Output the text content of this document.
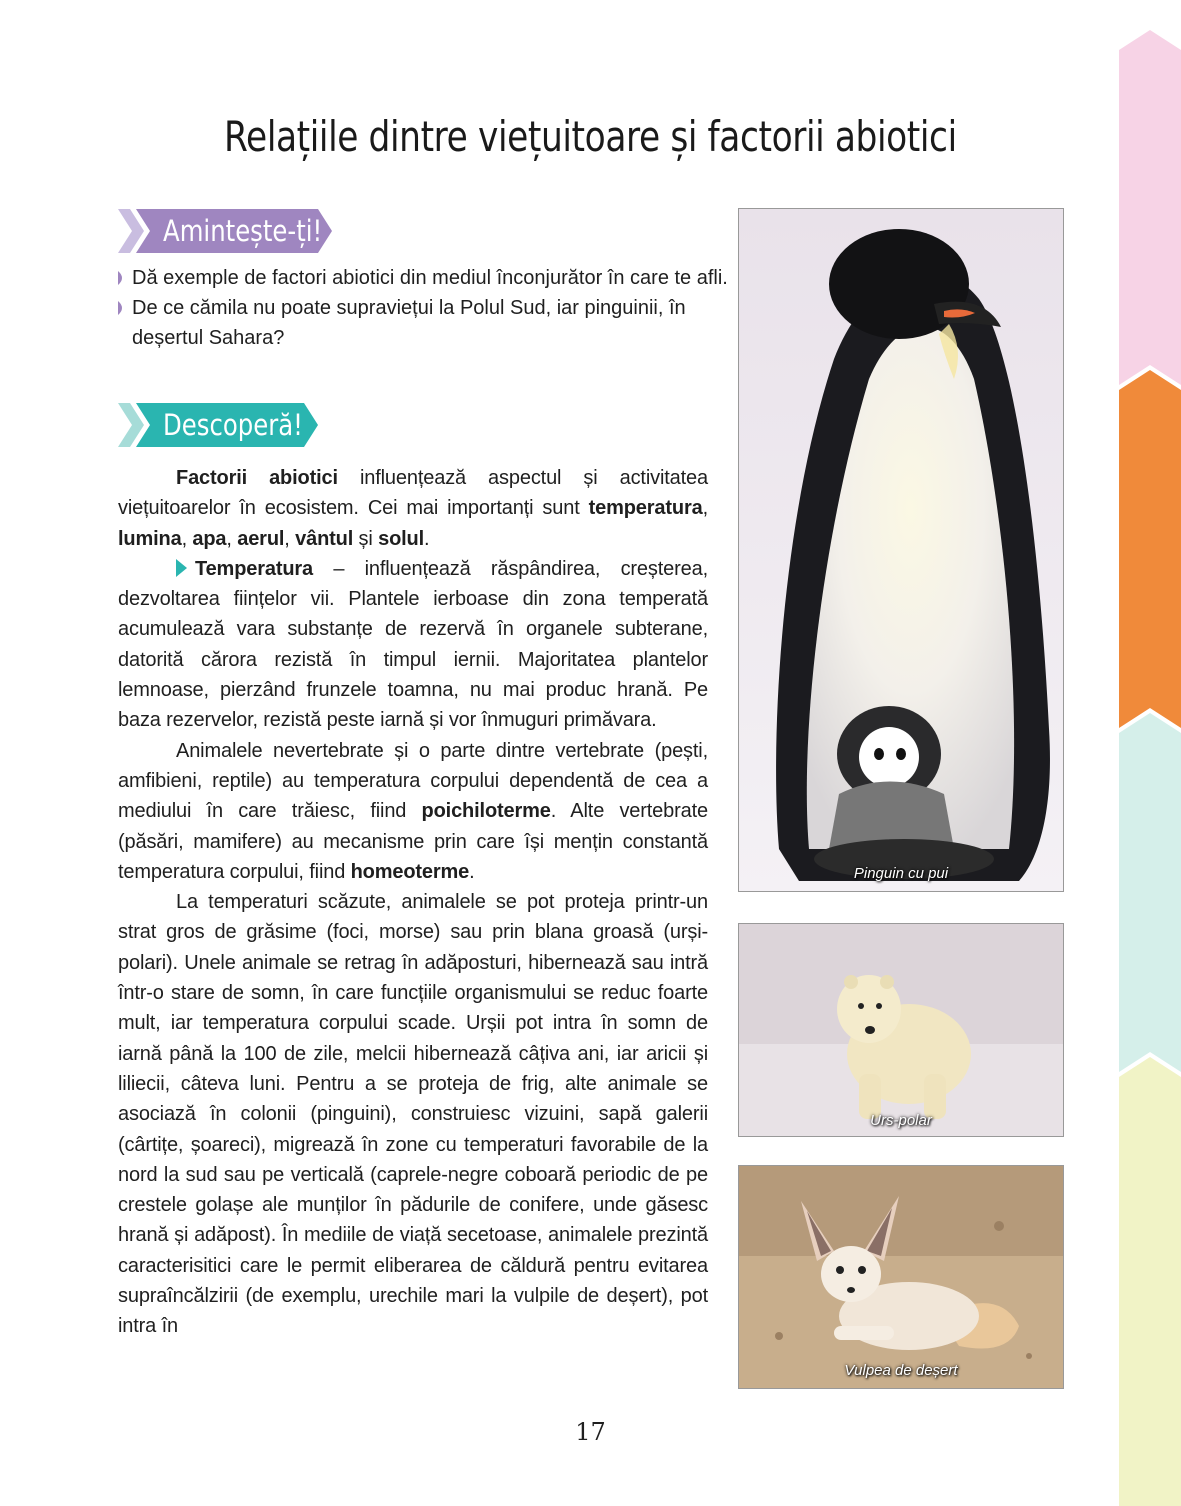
Relațiile dintre viețuitoare și factorii abiotici
Amintește-ți!
Dă exemple de factori abiotici din mediul înconjurător în care te afli.
De ce cămila nu poate supraviețui la Polul Sud, iar pinguinii, în deșertul Sahara?
Descoperă!

Factorii abiotici influențează aspectul și activitatea viețuitoarelor în ecosistem. Cei mai importanți sunt temperatura, lumina, apa, aerul, vântul și solul.

Temperatura – influențează răspândirea, creșterea, dezvoltarea ființelor vii. Plantele ierboase din zona temperată acumulează vara substanțe de rezervă în organele subterane, datorită cărora rezistă în timpul iernii. Majoritatea plantelor lemnoase, pierzând frunzele toamna, nu mai produc hrană. Pe baza rezervelor, rezistă peste iarnă și vor înmuguri primăvara.

Animalele nevertebrate și o parte dintre vertebrate (pești, amfibieni, reptile) au temperatura corpului dependentă de cea a mediului în care trăiesc, fiind poichiloterme. Alte vertebrate (păsări, mamifere) au mecanisme prin care își mențin constantă temperatura corpului, fiind homeoterme.

La temperaturi scăzute, animalele se pot proteja printr-un strat gros de grăsime (foci, morse) sau prin blana groasă (urși-polari). Unele animale se retrag în adăposturi, hibernează sau intră într-o stare de somn, în care funcțiile organismului se reduc foarte mult, iar temperatura corpului scade. Urșii pot intra în somn de iarnă până la 100 de zile, melcii hibernează câțiva ani, iar aricii și liliecii, câteva luni. Pentru a se proteja de frig, alte animale se asociază în colonii (pinguini), construiesc vizuini, sapă galerii (cârtițe, șoareci), migrează în zone cu temperaturi favorabile de la nord la sud sau pe verticală (caprele-negre coboară periodic de pe crestele golașe ale munților în pădurile de conifere, unde găsesc hrană și adăpost). În mediile de viață secetoase, animalele prezintă caracterisitici care le permit eliberarea de căldură pentru evitarea supraîncălzirii (de exemplu, urechile mari la vulpile de deșert), pot intra în

Pinguin cu pui
Urs-polar
Vulpea de deșert
17
